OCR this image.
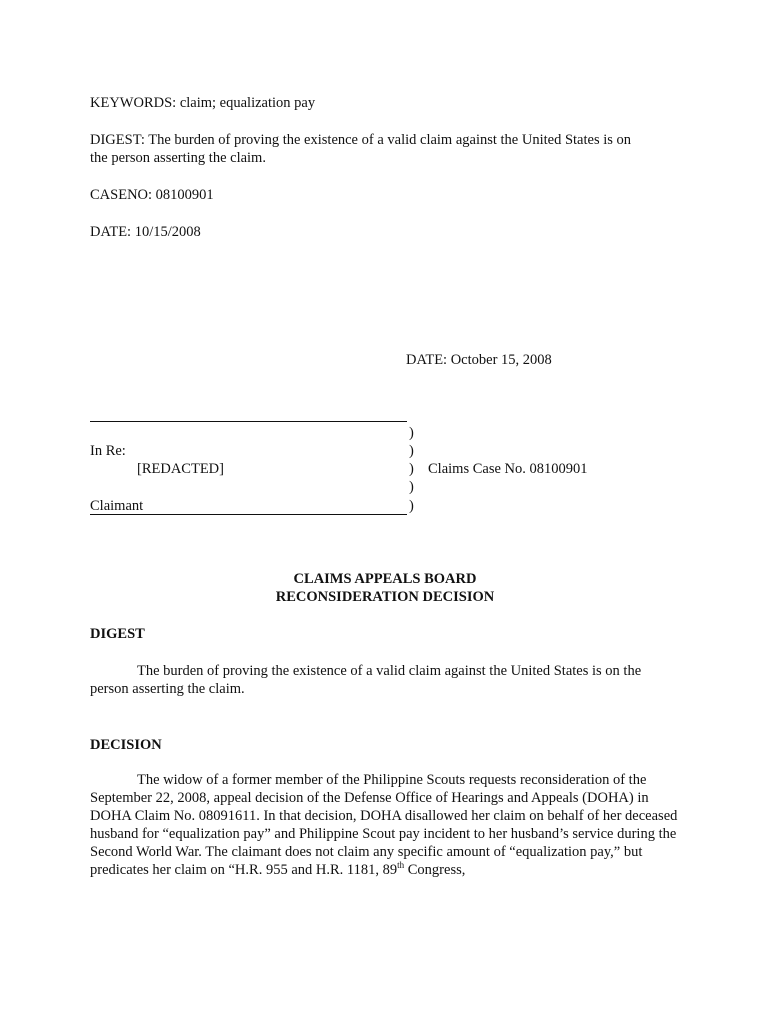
KEYWORDS: claim; equalization pay
DIGEST: The burden of proving the existence of a valid claim against the United States is on
the person asserting the claim.
CASENO: 08100901
DATE: 10/15/2008
DATE: October 15, 2008
)
In Re:	)
[REDACTED]	) Claims Case No. 08100901
)
Claimant	)
CLAIMS APPEALS BOARD
RECONSIDERATION DECISION
DIGEST
The burden of proving the existence of a valid claim against the United States is on the person asserting the claim.
DECISION
The widow of a former member of the Philippine Scouts requests reconsideration of the September 22, 2008, appeal decision of the Defense Office of Hearings and Appeals (DOHA) in DOHA Claim No. 08091611. In that decision, DOHA disallowed her claim on behalf of her deceased husband for “equalization pay” and Philippine Scout pay incident to her husband’s service during the Second World War. The claimant does not claim any specific amount of “equalization pay,” but predicates her claim on “H.R. 955 and H.R. 1181, 89th Congress,
